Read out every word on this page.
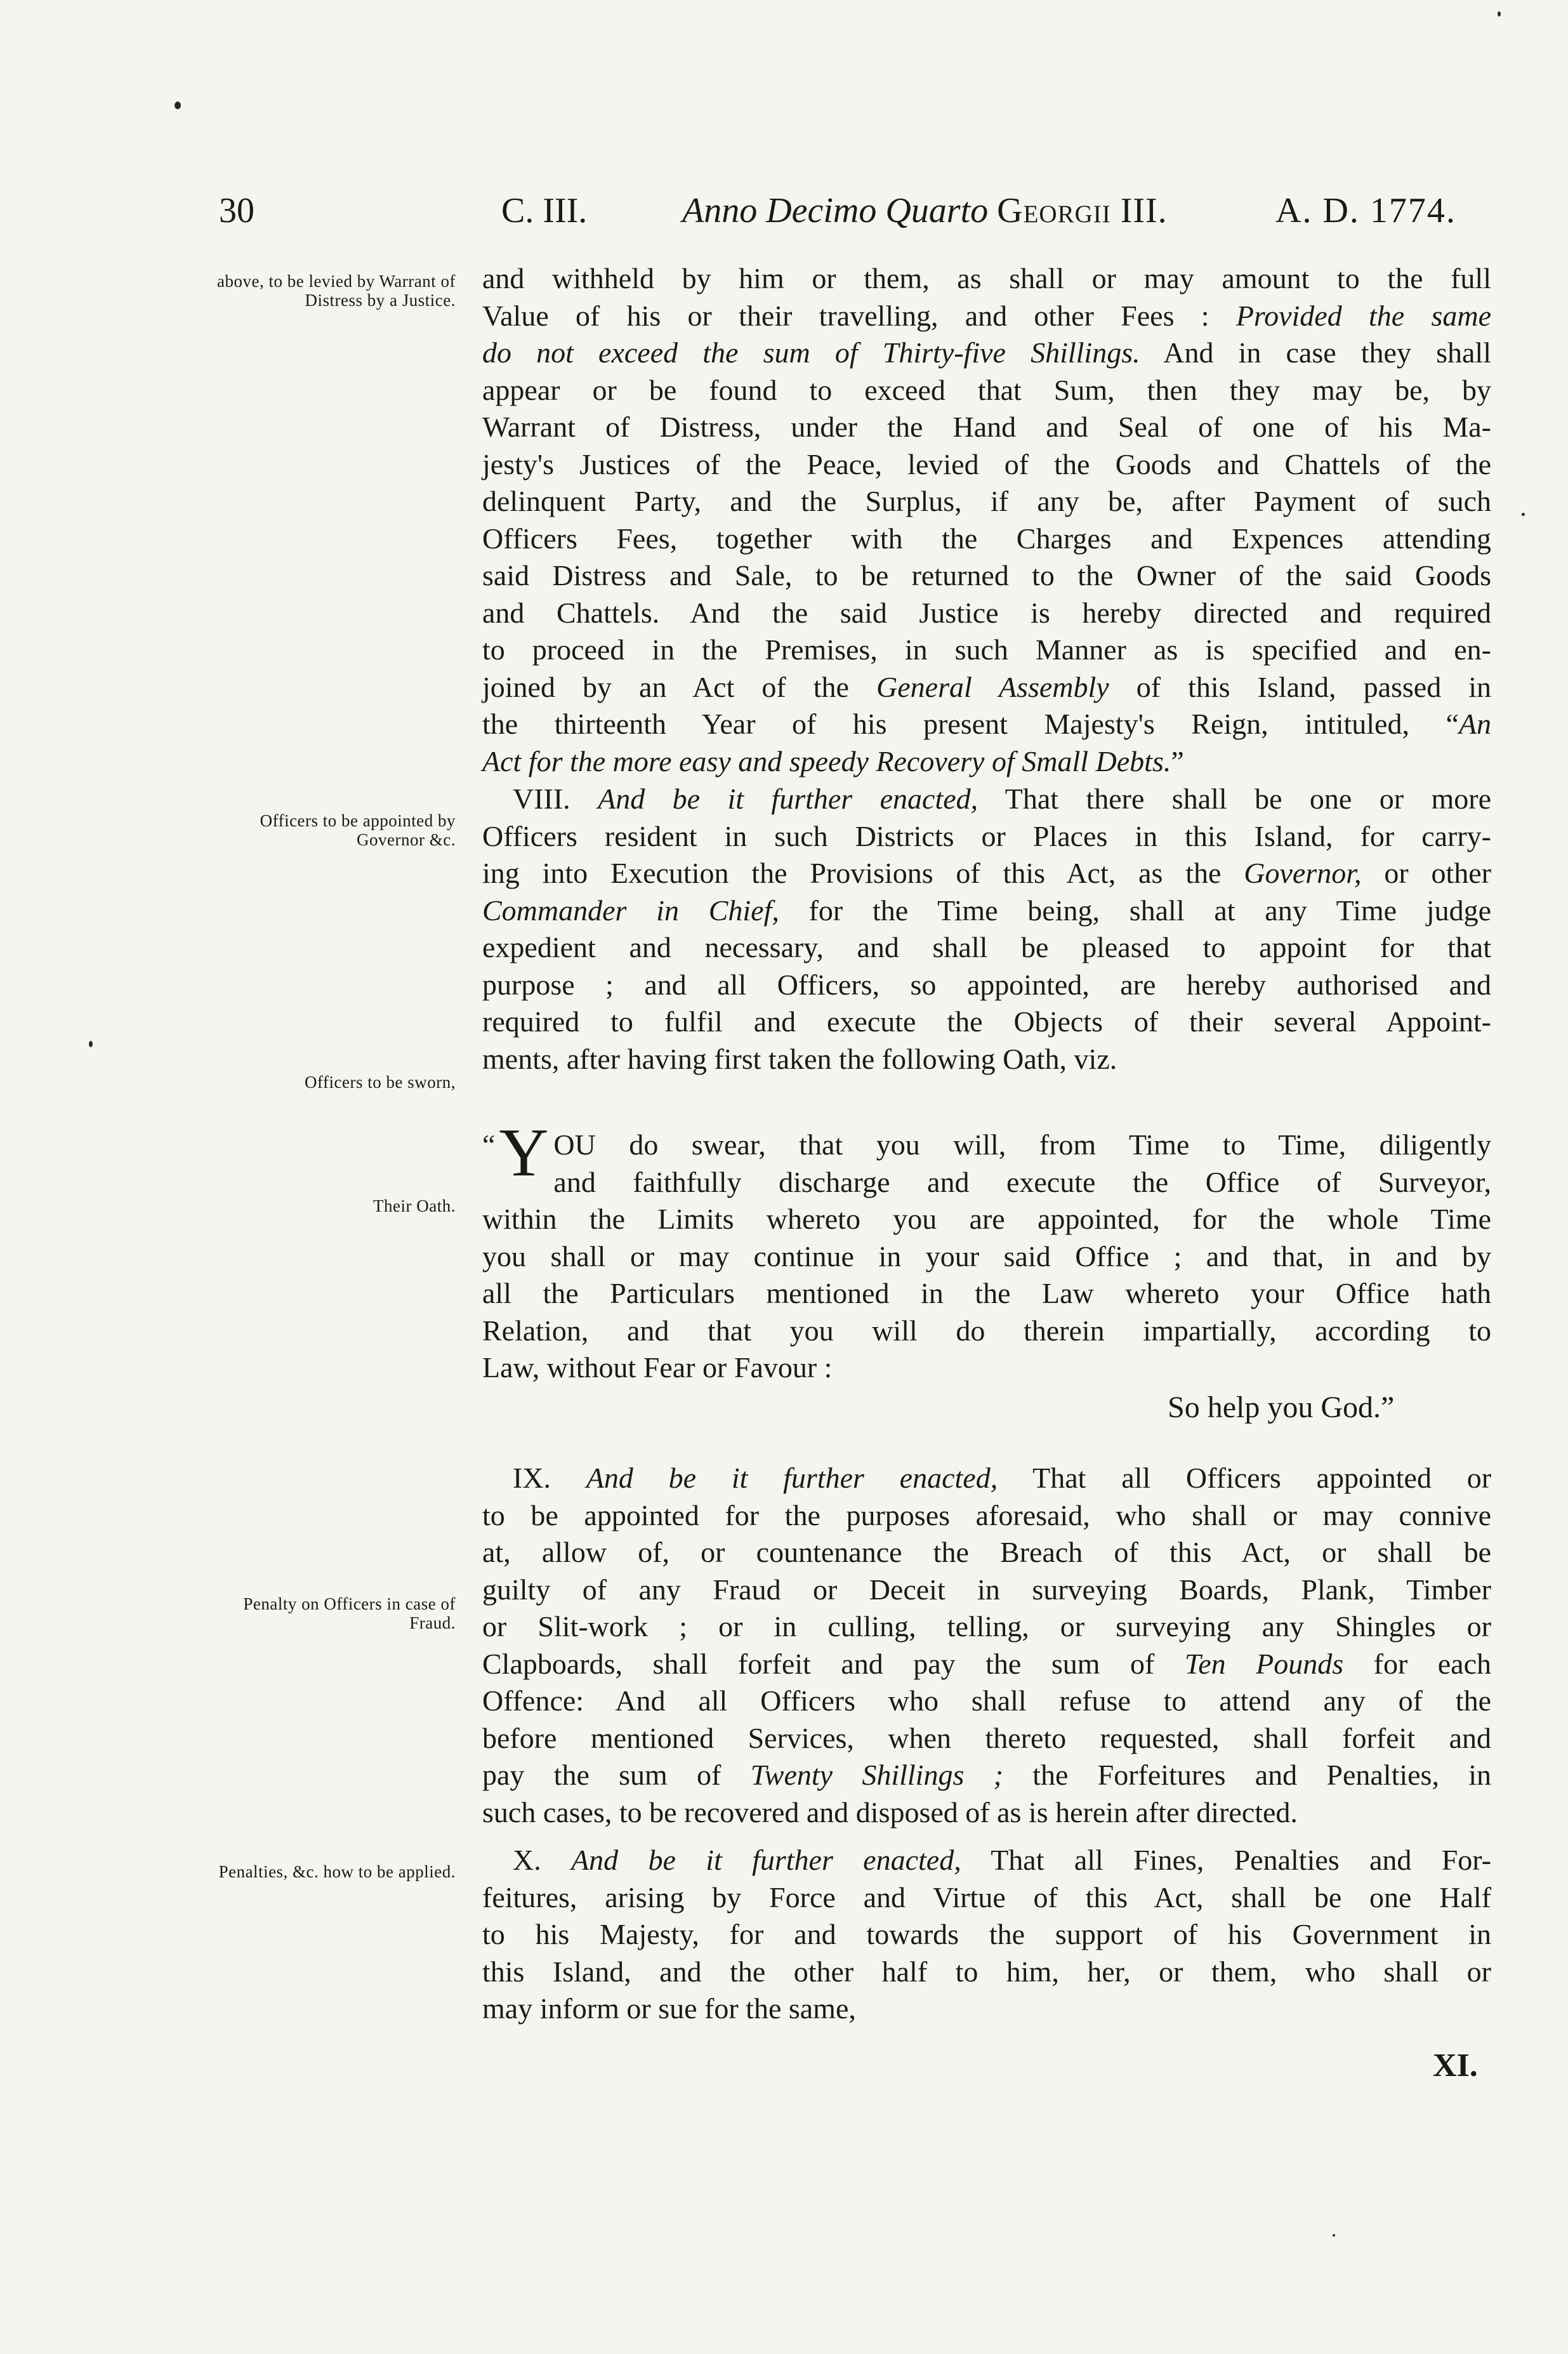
30	C. III.	Anno Decimo Quarto Georgii III.	A. D. 1774.
above, to be levied by Warrant of Distress by a Justice.
Officers to be appointed by Governor &c.
Officers to be sworn,
Their Oath.
Penalty on Officers in case of Fraud.
Penalties, &c. how to be applied.
and withheld by him or them, as shall or may amount to the full
Value of his or their travelling, and other Fees : Provided the same
do not exceed the sum of Thirty-five Shillings. And in case they shall
appear or be found to exceed that Sum, then they may be, by
Warrant of Distress, under the Hand and Seal of one of his Ma-
jesty's Justices of the Peace, levied of the Goods and Chattels of the
delinquent Party, and the Surplus, if any be, after Payment of such
Officers Fees, together with the Charges and Expences attending
said Distress and Sale, to be returned to the Owner of the said Goods
and Chattels. And the said Justice is hereby directed and required
to proceed in the Premises, in such Manner as is specified and en-
joined by an Act of the General Assembly of this Island, passed in
the thirteenth Year of his present Majesty's Reign, intituled, “An
Act for the more easy and speedy Recovery of Small Debts.”
VIII. And be it further enacted, That there shall be one or more
Officers resident in such Districts or Places in this Island, for carry-
ing into Execution the Provisions of this Act, as the Governor, or other
Commander in Chief, for the Time being, shall at any Time judge
expedient and necessary, and shall be pleased to appoint for that
purpose ; and all Officers, so appointed, are hereby authorised and
required to fulfil and execute the Objects of their several Appoint-
ments, after having first taken the following Oath, viz.
“ Y OU do swear, that you will, from Time to Time, diligently
and faithfully discharge and execute the Office of Surveyor,
within the Limits whereto you are appointed, for the whole Time
you shall or may continue in your said Office ; and that, in and by
all the Particulars mentioned in the Law whereto your Office hath
Relation, and that you will do therein impartially, according to
Law, without Fear or Favour :
So help you God.”
IX. And be it further enacted, That all Officers appointed or
to be appointed for the purposes aforesaid, who shall or may connive
at, allow of, or countenance the Breach of this Act, or shall be
guilty of any Fraud or Deceit in surveying Boards, Plank, Timber
or Slit-work ; or in culling, telling, or surveying any Shingles or
Clapboards, shall forfeit and pay the sum of Ten Pounds for each
Offence: And all Officers who shall refuse to attend any of the
before mentioned Services, when thereto requested, shall forfeit and
pay the sum of Twenty Shillings ; the Forfeitures and Penalties, in
such cases, to be recovered and disposed of as is herein after directed.
X. And be it further enacted, That all Fines, Penalties and For-
feitures, arising by Force and Virtue of this Act, shall be one Half
to his Majesty, for and towards the support of his Government in
this Island, and the other half to him, her, or them, who shall or
may inform or sue for the same,
XI.
